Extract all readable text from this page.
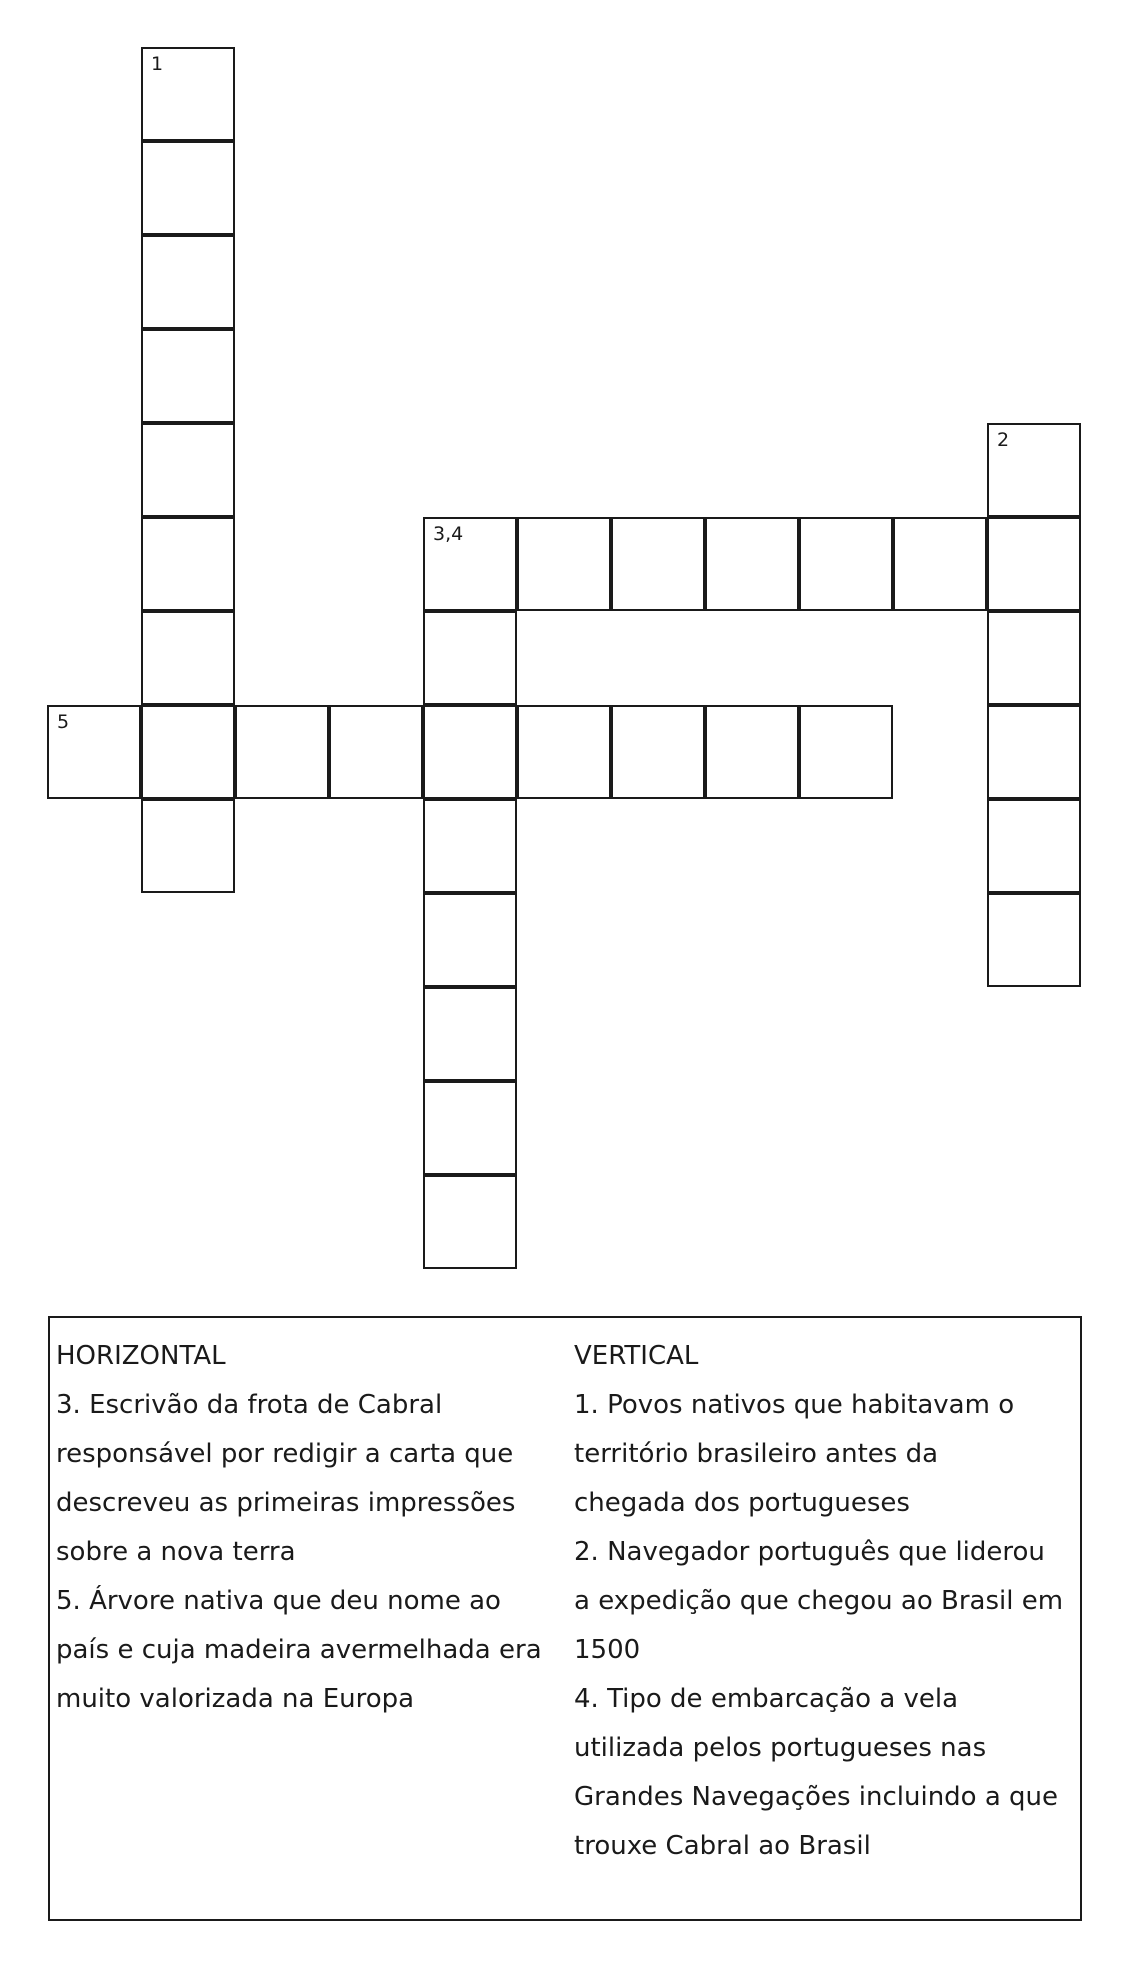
1
2
3,4
5
HORIZONTAL
3. Escrivão da frota de Cabral
responsável por redigir a carta que
descreveu as primeiras impressões
sobre a nova terra
5. Árvore nativa que deu nome ao
país e cuja madeira avermelhada era
muito valorizada na Europa
VERTICAL
1. Povos nativos que habitavam o
território brasileiro antes da
chegada dos portugueses
2. Navegador português que liderou
a expedição que chegou ao Brasil em
1500
4. Tipo de embarcação a vela
utilizada pelos portugueses nas
Grandes Navegações incluindo a que
trouxe Cabral ao Brasil
